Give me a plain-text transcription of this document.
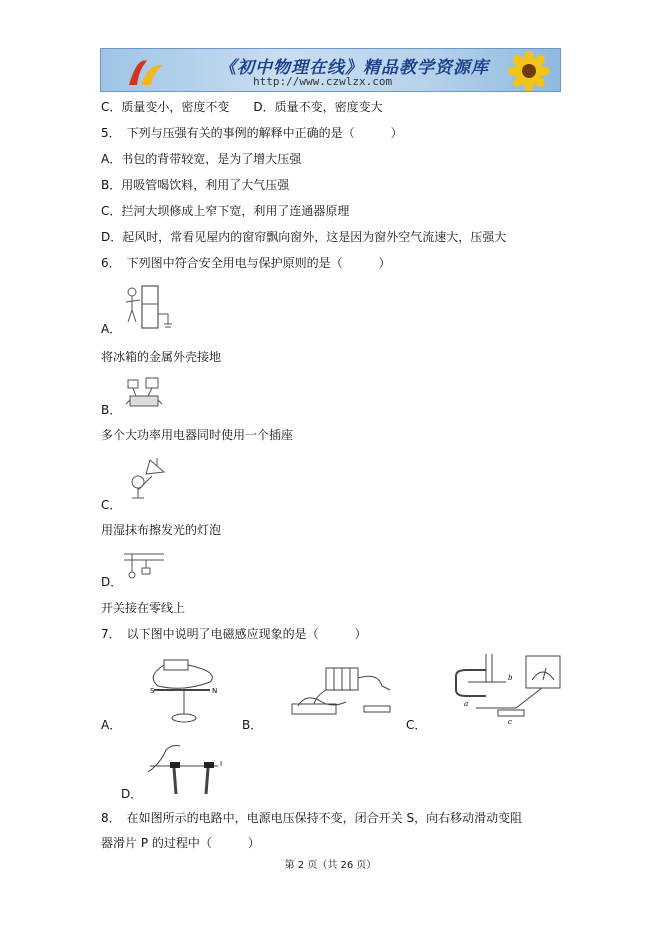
《初中物理在线》精品教学资源库
http://www.czwlzx.com
C．质量变小，密度不变　　D．质量不变，密度变大
5．　下列与压强有关的事例的解释中正确的是（　　　）
A．书包的背带较宽，是为了增大压强
B．用吸管喝饮料，利用了大气压强
C．拦河大坝修成上窄下宽，利用了连通器原理
D．起风时，常看见屋内的窗帘飘向窗外，这是因为窗外空气流速大，压强大
6．　下列图中符合安全用电与保护原则的是（　　　）
A．
将冰箱的金属外壳接地
B．
多个大功率用电器同时使用一个插座
C．
用湿抹布擦发光的灯泡
D．
开关接在零线上
7．　以下图中说明了电磁感应现象的是（　　　）
S	N
A．	B．
b
a
c
C．
I
D．
8．　在如图所示的电路中，电源电压保持不变，闭合开关 S，向右移动滑动变阻
器滑片 P 的过程中（　　　）
第 2 页（共 26 页）
